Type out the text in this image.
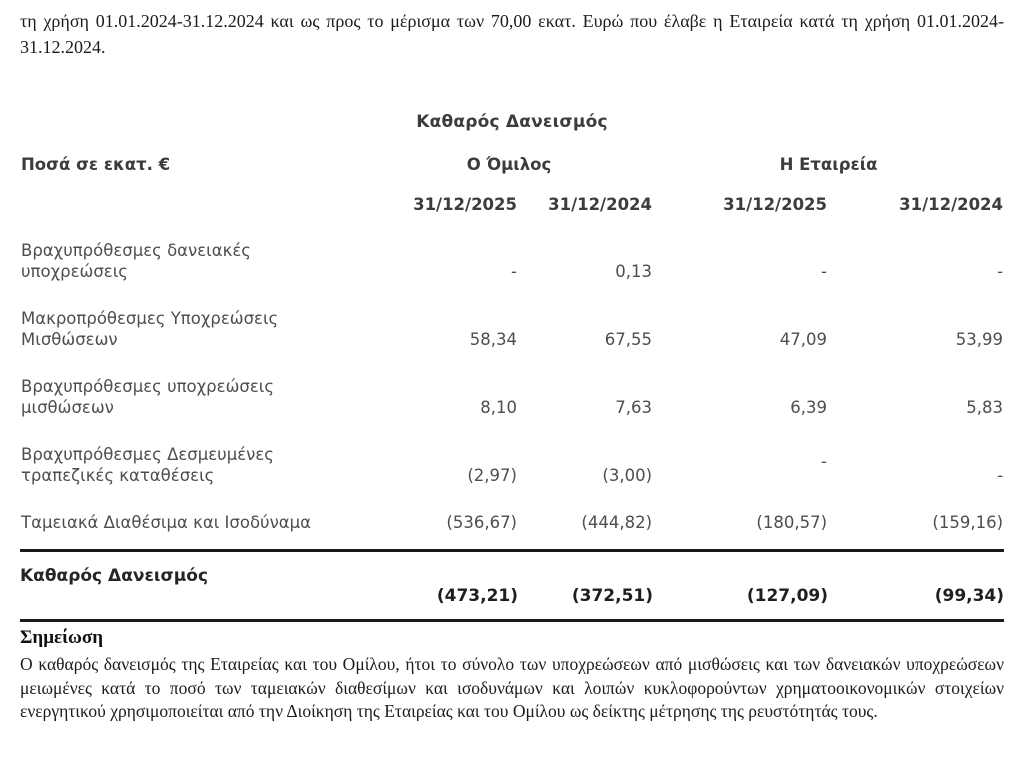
τη χρήση 01.01.2024-31.12.2024 και ως προς το μέρισμα των 70,00 εκατ. Ευρώ που έλαβε η Εταιρεία κατά τη χρήση 01.01.2024-31.12.2024.

Καθαρός Δανεισμός
Ποσά σε εκατ. €	Ο Όμιλος		Η Εταιρεία	
	31/12/2025	31/12/2024	31/12/2025	31/12/2024
Βραχυπρόθεσμες δανειακές
υποχρεώσεις	-	0,13	-	-
Μακροπρόθεσμες Υποχρεώσεις
Μισθώσεων	58,34	67,55	47,09	53,99
Βραχυπρόθεσμες υποχρεώσεις
μισθώσεων	8,10	7,63	6,39	5,83
Βραχυπρόθεσμες Δεσμευμένες
τραπεζικές καταθέσεις	(2,97)	(3,00)	-	-
Ταμειακά Διαθέσιμα και Ισοδύναμα	(536,67)	(444,82)	(180,57)	(159,16)
Καθαρός Δανεισμός	(473,21)	(372,51)	(127,09)	(99,34)
Σημείωση

Ο καθαρός δανεισμός της Εταιρείας και του Ομίλου, ήτοι το σύνολο των υποχρεώσεων από μισθώσεις και των δανειακών υποχρεώσεων μειωμένες κατά το ποσό των ταμειακών διαθεσίμων και ισοδυνάμων και λοιπών κυκλοφορούντων χρηματοοικονομικών στοιχείων ενεργητικού χρησιμοποιείται από την Διοίκηση της Εταιρείας και του Ομίλου ως δείκτης μέτρησης της ρευστότητάς τους.
